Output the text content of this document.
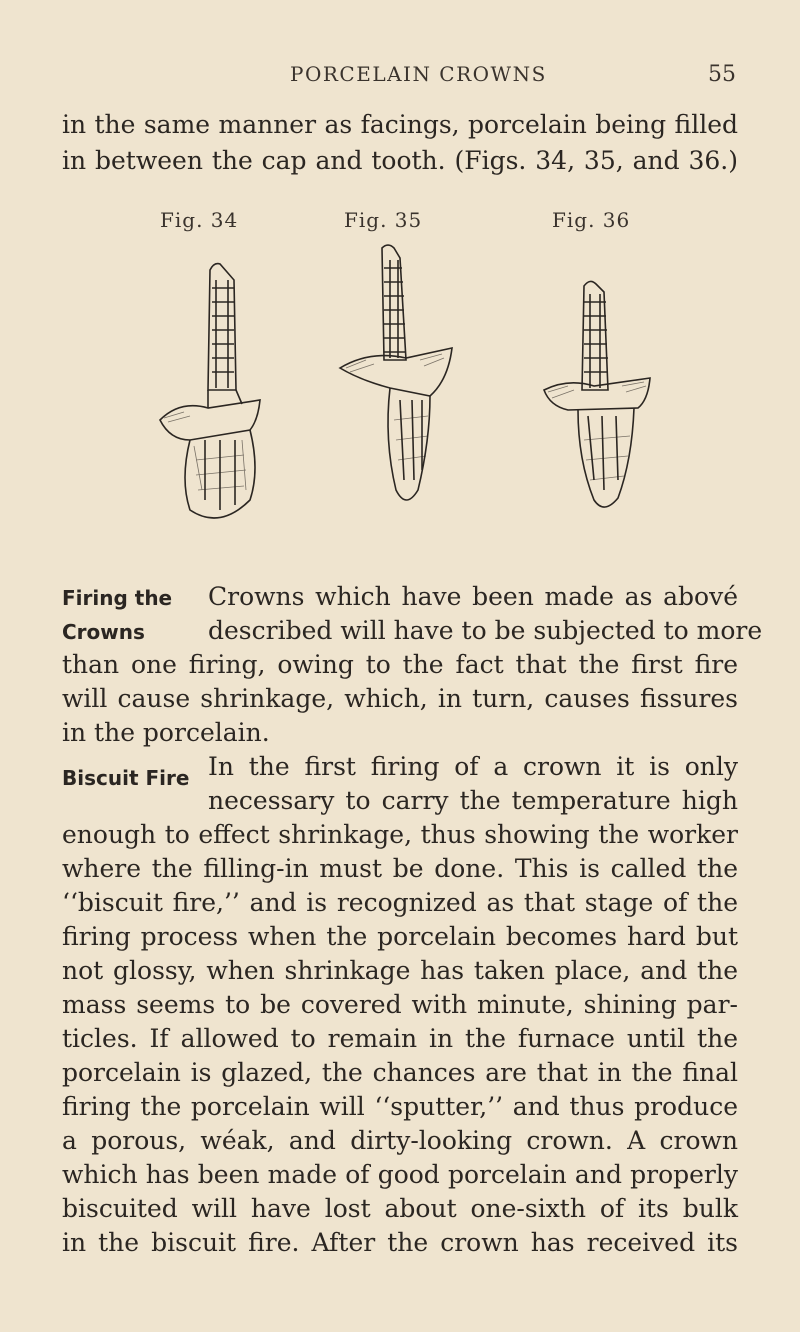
PORCELAIN CROWNS	55
in the same manner as facings, porcelain being filled
in between the cap and tooth. (Figs. 34, 35, and 36.)
Fig. 34	Fig. 35	Fig. 36
Firing the
Crowns
Crowns which have been made as abové
described will have to be subjected to more
than one firing, owing to the fact that the first fire
will cause shrinkage, which, in turn, causes fissures
in the porcelain.
Biscuit Fire In the first firing of a crown it is only
necessary to carry the temperature high
enough to effect shrinkage, thus showing the worker
where the filling-in must be done. This is called the
‘‘biscuit fire,’’ and is recognized as that stage of the
firing process when the porcelain becomes hard but
not glossy, when shrinkage has taken place, and the
mass seems to be covered with minute, shining par-
ticles. If allowed to remain in the furnace until the
porcelain is glazed, the chances are that in the final
firing the porcelain will ‘‘sputter,’’ and thus produce
a porous, wéak, and dirty-looking crown. A crown
which has been made of good porcelain and properly
biscuited will have lost about one-sixth of its bulk
in the biscuit fire. After the crown has received its
